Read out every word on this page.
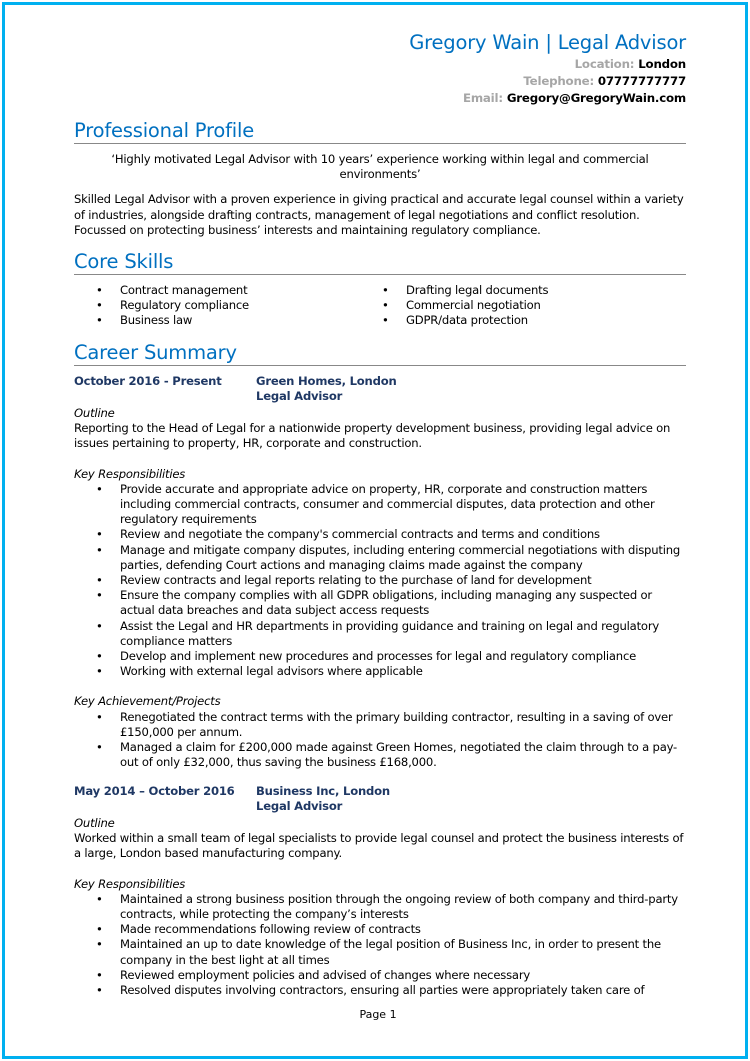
Gregory Wain | Legal Advisor
Location: London
Telephone: 07777777777
Email: Gregory@GregoryWain.com
Professional Profile
‘Highly motivated Legal Advisor with 10 years’ experience working within legal and commercial environments’
Skilled Legal Advisor with a proven experience in giving practical and accurate legal counsel within a variety of industries, alongside drafting contracts, management of legal negotiations and conflict resolution. Focussed on protecting business’ interests and maintaining regulatory compliance.
Core Skills
• Contract management
• Regulatory compliance
• Business law
• Drafting legal documents
• Commercial negotiation
• GDPR/data protection
Career Summary
October 2016 - Present	Green Homes, London
Legal Advisor
Outline
Reporting to the Head of Legal for a nationwide property development business, providing legal advice on issues pertaining to property, HR, corporate and construction.
Key Responsibilities
• Provide accurate and appropriate advice on property, HR, corporate and construction matters including commercial contracts, consumer and commercial disputes, data protection and other regulatory requirements
• Review and negotiate the company's commercial contracts and terms and conditions
• Manage and mitigate company disputes, including entering commercial negotiations with disputing parties, defending Court actions and managing claims made against the company
• Review contracts and legal reports relating to the purchase of land for development
• Ensure the company complies with all GDPR obligations, including managing any suspected or actual data breaches and data subject access requests
• Assist the Legal and HR departments in providing guidance and training on legal and regulatory compliance matters
• Develop and implement new procedures and processes for legal and regulatory compliance
• Working with external legal advisors where applicable
Key Achievement/Projects
• Renegotiated the contract terms with the primary building contractor, resulting in a saving of over £150,000 per annum.
• Managed a claim for £200,000 made against Green Homes, negotiated the claim through to a pay-out of only £32,000, thus saving the business £168,000.
May 2014 – October 2016	Business Inc, London
Legal Advisor
Outline
Worked within a small team of legal specialists to provide legal counsel and protect the business interests of a large, London based manufacturing company.
Key Responsibilities
• Maintained a strong business position through the ongoing review of both company and third-party contracts, while protecting the company’s interests
• Made recommendations following review of contracts
• Maintained an up to date knowledge of the legal position of Business Inc, in order to present the company in the best light at all times
• Reviewed employment policies and advised of changes where necessary
• Resolved disputes involving contractors, ensuring all parties were appropriately taken care of
Page 1
